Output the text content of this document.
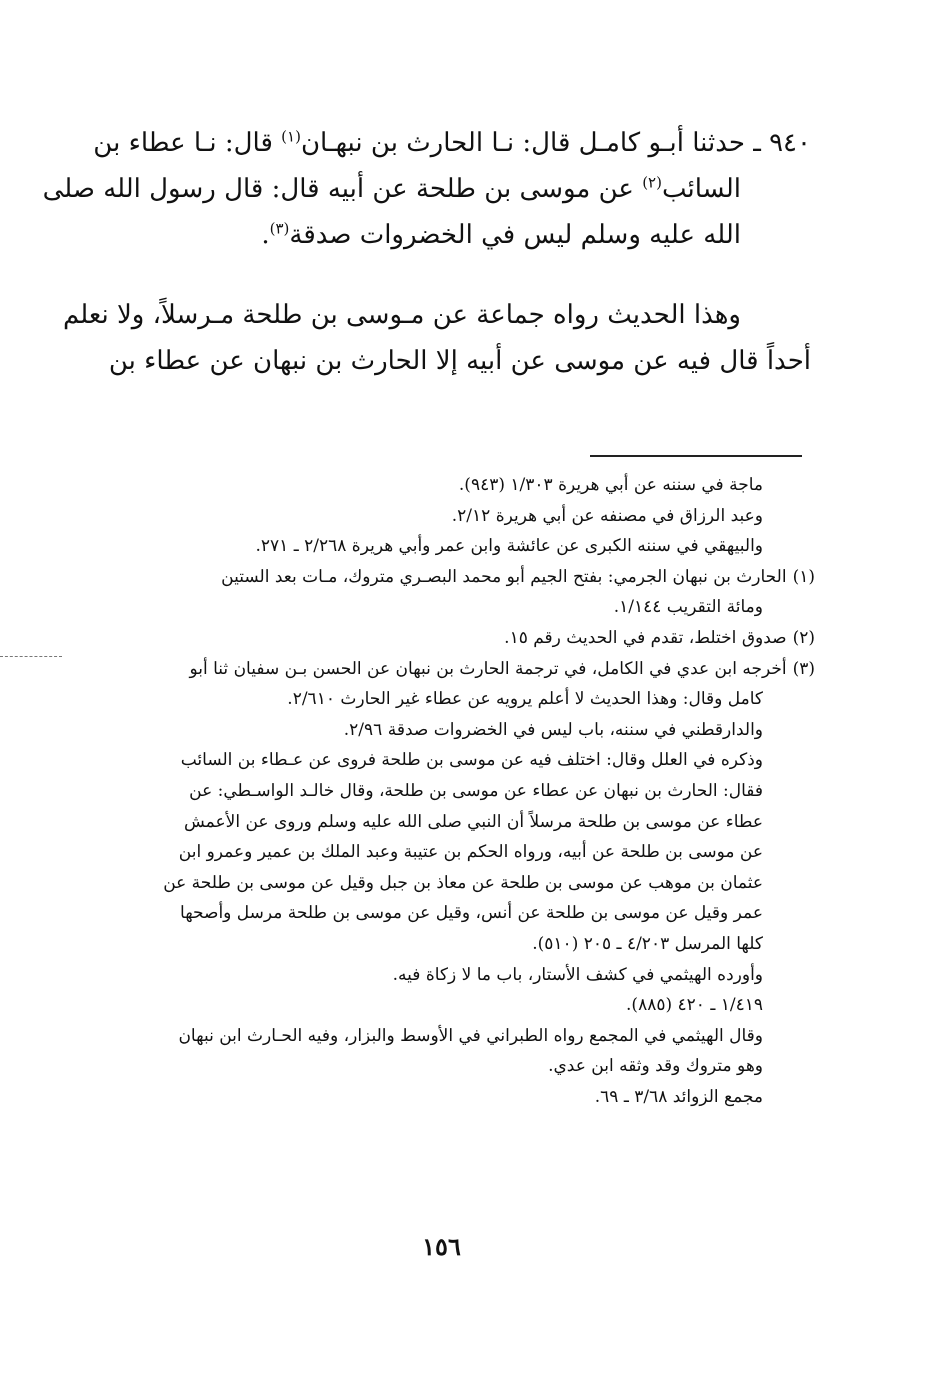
٩٤٠ ـ حدثنا أبـو كامـل قال: نـا الحارث بن نبهـان$^{(١)}$ قال: نـا عطاء بن
السائب$^{(٢)}$ عن موسى بن طلحة عن أبيه قال: قال رسول الله صلى
الله عليه وسلم ليس في الخضروات صدقة$^{(٣)}$.
وهذا الحديث رواه جماعة عن مـوسى بن طلحة مـرسلاً، ولا نعلم
أحداً قال فيه عن موسى عن أبيه إلا الحارث بن نبهان عن عطاء بن
ماجة في سننه عن أبي هريرة ١/٣٠٣ (٩٤٣).
وعبد الرزاق في مصنفه عن أبي هريرة ٢/١٢.
والبيهقي في سننه الكبرى عن عائشة وابن عمر وأبي هريرة ٢/٢٦٨ ـ ٢٧١.
(١)الحارث بن نبهان الجرمي: بفتح الجيم أبو محمد البصـري متروك، مـات بعد الستين
ومائة التقريب ١/١٤٤.
(٢)صدوق اختلط، تقدم في الحديث رقم ١٥.
(٣)أخرجه ابن عدي في الكامل، في ترجمة الحارث بن نبهان عن الحسن بـن سفيان ثنا أبو
كامل وقال: وهذا الحديث لا أعلم يرويه عن عطاء غير الحارث ٢/٦١٠.
والدارقطني في سننه، باب ليس في الخضروات صدقة ٢/٩٦.
وذكره في العلل وقال: اختلف فيه عن موسى بن طلحة فروى عن عـطاء بن السائب
فقال: الحارث بن نبهان عن عطاء عن موسى بن طلحة، وقال خالـد الواسـطي: عن
عطاء عن موسى بن طلحة مرسلاً أن النبي صلى الله عليه وسلم وروى عن الأعمش
عن موسى بن طلحة عن أبيه، ورواه الحكم بن عتيبة وعبد الملك بن عمير وعمرو ابن
عثمان بن موهب عن موسى بن طلحة عن معاذ بن جبل وقيل عن موسى بن طلحة عن
عمر وقيل عن موسى بن طلحة عن أنس، وقيل عن موسى بن طلحة مرسل وأصحها
كلها المرسل ٤/٢٠٣ ـ ٢٠٥ (٥١٠).
وأورده الهيثمي في كشف الأستار، باب ما لا زكاة فيه.
١/٤١٩ ـ ٤٢٠ (٨٨٥).
وقال الهيثمي في المجمع رواه الطبراني في الأوسط والبزار، وفيه الحـارث ابن نبهان
وهو متروك وقد وثقه ابن عدي.
مجمع الزوائد ٣/٦٨ ـ ٦٩.
١٥٦
